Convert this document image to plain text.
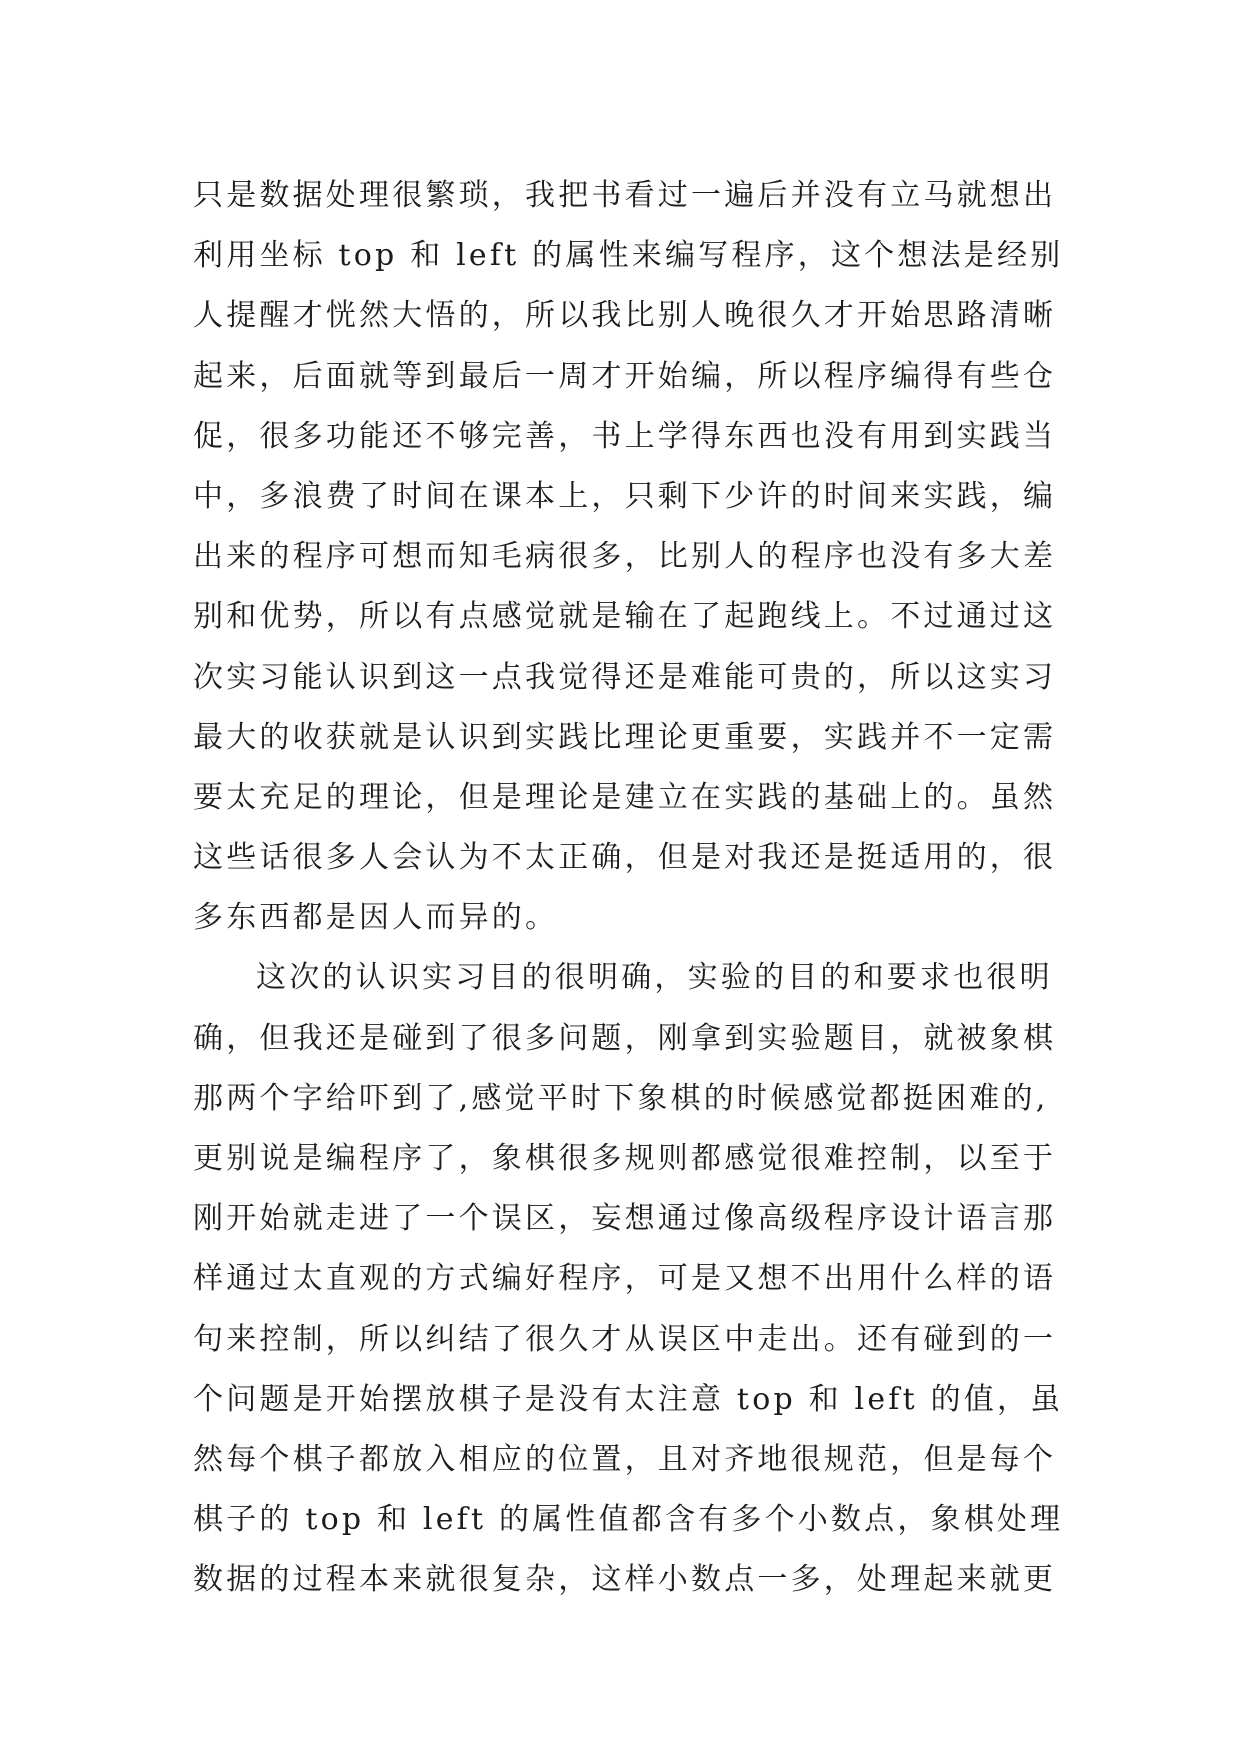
只是数据处理很繁琐，我把书看过一遍后并没有立马就想出
利用坐标 top 和 left 的属性来编写程序，这个想法是经别
人提醒才恍然大悟的，所以我比别人晚很久才开始思路清晰
起来，后面就等到最后一周才开始编，所以程序编得有些仓
促，很多功能还不够完善，书上学得东西也没有用到实践当
中，多浪费了时间在课本上，只剩下少许的时间来实践，编
出来的程序可想而知毛病很多，比别人的程序也没有多大差
别和优势，所以有点感觉就是输在了起跑线上。不过通过这
次实习能认识到这一点我觉得还是难能可贵的，所以这实习
最大的收获就是认识到实践比理论更重要，实践并不一定需
要太充足的理论，但是理论是建立在实践的基础上的。虽然
这些话很多人会认为不太正确，但是对我还是挺适用的，很
多东西都是因人而异的。
这次的认识实习目的很明确，实验的目的和要求也很明
确，但我还是碰到了很多问题，刚拿到实验题目，就被象棋
那两个字给吓到了,感觉平时下象棋的时候感觉都挺困难的,
更别说是编程序了，象棋很多规则都感觉很难控制，以至于
刚开始就走进了一个误区，妄想通过像高级程序设计语言那
样通过太直观的方式编好程序，可是又想不出用什么样的语
句来控制，所以纠结了很久才从误区中走出。还有碰到的一
个问题是开始摆放棋子是没有太注意 top 和 left 的值，虽
然每个棋子都放入相应的位置，且对齐地很规范，但是每个
棋子的 top 和 left 的属性值都含有多个小数点，象棋处理
数据的过程本来就很复杂，这样小数点一多，处理起来就更
